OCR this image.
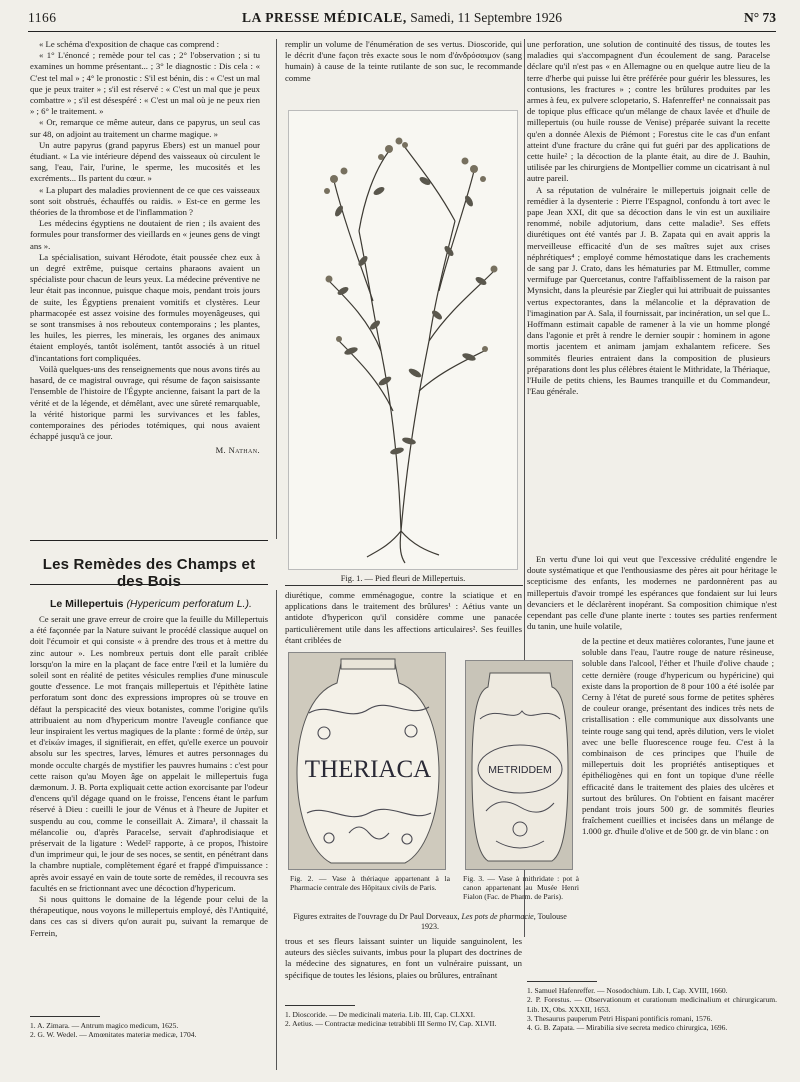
1166	LA PRESSE MÉDICALE, Samedi, 11 Septembre 1926	N° 73

« Le schéma d'exposition de chaque cas comprend :

« 1° L'énoncé ; remède pour tel cas ; 2° l'observation ; si tu examines un homme présentant... ; 3° le diagnostic : Dis cela : « C'est tel mal » ; 4° le pronostic : S'il est bénin, dis : « C'est un mal que je peux traiter » ; s'il est réservé : « C'est un mal que je peux combattre » ; s'il est désespéré : « C'est un mal où je ne peux rien » ; 6° le traitement. »

« Or, remarque ce même auteur, dans ce papyrus, un seul cas sur 48, on adjoint au traitement un charme magique. »

Un autre papyrus (grand papyrus Ebers) est un manuel pour étudiant. « La vie intérieure dépend des vaisseaux où circulent le sang, l'eau, l'air, l'urine, le sperme, les mucosités et les excréments... Ils partent du cœur. »

« La plupart des maladies proviennent de ce que ces vaisseaux sont soit obstrués, échauffés ou raidis. » Est-ce en germe les théories de la thrombose et de l'inflammation ?

Les médecins égyptiens ne doutaient de rien ; ils avaient des formules pour transformer des vieillards en « jeunes gens de vingt ans ».

La spécialisation, suivant Hérodote, était poussée chez eux à un degré extrême, puisque certains pharaons avaient un spécialiste pour chacun de leurs yeux. La médecine préventive ne leur était pas inconnue, puisque chaque mois, pendant trois jours de suite, les Égyptiens prenaient vomitifs et clystères. Leur pharmacopée est assez voisine des formules moyenâgeuses, qui se sont transmises à nos rebouteux contemporains ; les plantes, les huiles, les pierres, les minerais, les organes des animaux étaient employés, tantôt isolément, tantôt associés à un rituel d'incantations fort compliquées.

Voilà quelques-uns des renseignements que nous avons tirés au hasard, de ce magistral ouvrage, qui résume de façon saisissante l'ensemble de l'histoire de l'Égypte ancienne, faisant la part de la vérité et de la légende, et démêlant, avec une sûreté remarquable, la vérité historique parmi les survivances et les fables, contemporaines des périodes totémiques, qui nous avaient échappé jusqu'à ce jour.

M. Nathan.
Les Remèdes des Champs et des Bois
Le Millepertuis (Hypericum perforatum L.).

Ce serait une grave erreur de croire que la feuille du Millepertuis a été façonnée par la Nature suivant le procédé classique auquel on doit l'écumoir et qui consiste « à prendre des trous et à mettre du zinc autour ». Les nombreux pertuis dont elle paraît criblée lorsqu'on la mire en la plaçant de face entre l'œil et la lumière du soleil sont en réalité de petites vésicules remplies d'une minuscule goutte d'essence. Le mot français millepertuis et l'épithète latine perforatum sont donc des expressions impropres où se trouve en défaut la perspicacité des vieux botanistes, comme l'origine qu'ils attribuaient au nom d'hypericum montre l'aveugle confiance que leur inspiraient les vertus magiques de la plante : formé de ὑπὲρ, sur et d'εἰκών images, il signifierait, en effet, qu'elle exerce un pouvoir absolu sur les spectres, larves, lémures et autres personnages du monde occulte chargés de mystifier les pauvres humains : c'est pour cette raison qu'au Moyen âge on appelait le millepertuis fuga dæmonum. J. B. Porta expliquait cette action exorcisante par l'odeur d'encens qu'il dégage quand on le froisse, l'encens étant le parfum réservé à Dieu : cueilli le jour de Vénus et à l'heure de Jupiter et suspendu au cou, comme le conseillait A. Zimara¹, il chassait la mélancolie ou, d'après Paracelse, servait d'aphrodisiaque et préservait de la ligature : Wedel² rapporte, à ce propos, l'histoire d'un imprimeur qui, le jour de ses noces, se sentit, en pénétrant dans la chambre nuptiale, complètement égaré et frappé d'impuissance : après avoir essayé en vain de toute sorte de remèdes, il recouvra ses facultés en se frictionnant avec une décoction d'hypericum.

Si nous quittons le domaine de la légende pour celui de la thérapeutique, nous voyons le millepertuis employé, dès l'Antiquité, dans ces cas si divers qu'on aurait pu, suivant la remarque de Ferrein,

remplir un volume de l'énumération de ses vertus. Dioscoride, qui le décrit d'une façon très exacte sous le nom d'ἀνδρόσαιμον (sang humain) à cause de la teinte rutilante de son suc, le recommande comme

Fig. 1. — Pied fleuri de Millepertuis.

diurétique, comme emménagogue, contre la sciatique et en applications dans le traitement des brûlures¹ : Aétius vante un antidote d'hypericon qu'il considère comme une panacée particulièrement utile dans les affections articulaires². Ses feuilles étant criblées de

THERIACA	METRIDDEM
Fig. 2. — Vase à thériaque appartenant à la Pharmacie centrale des Hôpitaux civils de Paris.
Fig. 3. — Vase à mithridate : pot à canon appartenant au Musée Henri Fialon (Fac. de Pharm. de Paris).
Figures extraites de l'ouvrage du Dr Paul Dorveaux, Les pots de pharmacie, Toulouse 1923.

trous et ses fleurs laissant suinter un liquide sanguinolent, les auteurs des siècles suivants, imbus pour la plupart des doctrines de la médecine des signatures, en font un vulnéraire puissant, un spécifique de toutes les lésions, plaies ou brûlures, entraînant

une perforation, une solution de continuité des tissus, de toutes les maladies qui s'accompagnent d'un écoulement de sang. Paracelse déclare qu'il n'est pas « en Allemagne ou en quelque autre lieu de la terre d'herbe qui puisse lui être préférée pour guérir les blessures, les contusions, les fractures » ; contre les brûlures produites par les armes à feu, ex pulvere sclopetario, S. Hafenreffer¹ ne connaissait pas de topique plus efficace qu'un mélange de chaux lavée et d'huile de millepertuis (ou huile rousse de Venise) préparée suivant la recette qu'en a donnée Alexis de Piémont ; Forestus cite le cas d'un enfant atteint d'une fracture du crâne qui fut guéri par des applications de cette huile² ; la décoction de la plante était, au dire de J. Bauhin, utilisée par les chirurgiens de Montpellier comme un cicatrisant à nul autre pareil.

A sa réputation de vulnéraire le millepertuis joignait celle de remédier à la dysenterie : Pierre l'Espagnol, confondu à tort avec le pape Jean XXI, dit que sa décoction dans le vin est un auxiliaire renommé, nobile adjutorium, dans cette maladie³. Ses effets diurétiques ont été vantés par J. B. Zapata qui en avait appris la merveilleuse efficacité d'un de ses maîtres sujet aux crises néphrétiques⁴ ; employé comme hémostatique dans les crachements de sang par J. Crato, dans les hématuries par M. Ettmuller, comme vermifuge par Quercetanus, contre l'affaiblissement de la raison par Mynsicht, dans la pleurésie par Ziegler qui lui attribuait de puissantes vertus expectorantes, dans la mélancolie et la dépravation de l'imagination par A. Sala, il fournissait, par incinération, un sel que L. Hoffmann estimait capable de ramener à la vie un homme plongé dans l'agonie et prêt à rendre le dernier soupir : hominem in agone mortis jacentem et animam jamjam exhalantem reficere. Ses sommités fleuries entraient dans la composition de plusieurs préparations dont les plus célèbres étaient le Mithridate, la Thériaque, l'Huile de petits chiens, les Baumes tranquille et du Commandeur, l'Eau générale.

En vertu d'une loi qui veut que l'excessive crédulité engendre le doute systématique et que l'enthousiasme des pères ait pour héritage le scepticisme des enfants, les modernes ne pardonnèrent pas au millepertuis d'avoir trompé les espérances que fondaient sur lui leurs devanciers et le déclarèrent inopérant. Sa composition chimique n'est cependant pas celle d'une plante inerte : toutes ses parties renferment du tanin, une huile volatile,

de la pectine et deux matières colorantes, l'une jaune et soluble dans l'eau, l'autre rouge de nature résineuse, soluble dans l'alcool, l'éther et l'huile d'olive chaude ; cette dernière (rouge d'hypericum ou hypéricine) qui existe dans la proportion de 8 pour 100 a été isolée par Cerny à l'état de pureté sous forme de petites sphères de couleur orange, présentant des indices très nets de cristallisation : elle communique aux dissolvants une teinte rouge sang qui tend, après dilution, vers le violet avec une belle fluorescence rouge feu. C'est à la combinaison de ces principes que l'huile de millepertuis doit les propriétés antiseptiques et épithéliogènes qui en font un topique d'une réelle efficacité dans le traitement des plaies des ulcères et surtout des brûlures. On l'obtient en faisant macérer pendant trois jours 500 gr. de sommités fleuries fraîchement cueillies et incisées dans un mélange de 1.000 gr. d'huile d'olive et de 500 gr. de vin blanc : on

1. A. Zimara. — Antrum magico medicum, 1625.

2. G. W. Wedel. — Amœnitates materiæ medicæ, 1704.

1. Dioscoride. — De medicinali materia. Lib. III, Cap. CLXXI.

2. Aetius. — Contractæ medicinæ tetrabibli III Sermo IV, Cap. XLVII.

1. Samuel Hafenreffer. — Nosodochium. Lib. I, Cap. XVIII, 1660.

2. P. Forestus. — Observationum et curationum medicinalium et chirurgicarum. Lib. IX, Obs. XXXII, 1653.

3. Thesaurus pauperum Petri Hispani pontificis romani, 1576.

4. G. B. Zapata. — Mirabilia sive secreta medico chirurgica, 1696.
